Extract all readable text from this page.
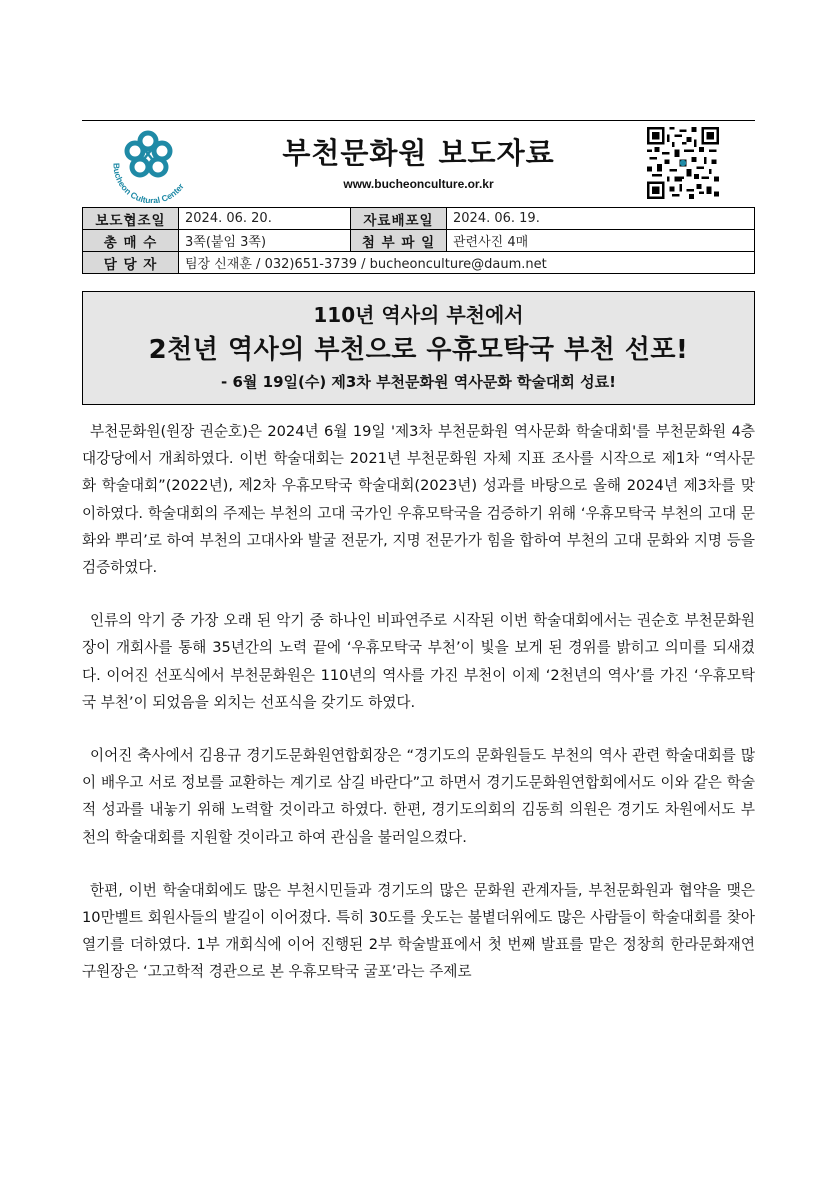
Bucheon Cultural Center
부천문화원 보도자료
www.bucheonculture.or.kr
보도협조일	2024. 06. 20.	자료배포일	2024. 06. 19.
총 매 수	3쪽(붙임 3쪽)	첨 부 파 일	관련사진 4매
담 당 자	팀장 신재훈 / 032)651-3739 / bucheonculture@daum.net		
110년 역사의 부천에서
2천년 역사의 부천으로 우휴모탁국 부천 선포!
- 6월 19일(수) 제3차 부천문화원 역사문화 학술대회 성료!

부천문화원(원장 권순호)은 2024년 6월 19일 '제3차 부천문화원 역사문화 학술대회'를 부천문화원 4층 대강당에서 개최하였다. 이번 학술대회는 2021년 부천문화원 자체 지표 조사를 시작으로 제1차 “역사문화 학술대회”(2022년), 제2차 우휴모탁국 학술대회(2023년) 성과를 바탕으로 올해 2024년 제3차를 맞이하였다. 학술대회의 주제는 부천의 고대 국가인 우휴모탁국을 검증하기 위해 ‘우휴모탁국 부천의 고대 문화와 뿌리’로 하여 부천의 고대사와 발굴 전문가, 지명 전문가가 힘을 합하여 부천의 고대 문화와 지명 등을 검증하였다.

인류의 악기 중 가장 오래 된 악기 중 하나인 비파연주로 시작된 이번 학술대회에서는 권순호 부천문화원장이 개회사를 통해 35년간의 노력 끝에 ‘우휴모탁국 부천’이 빛을 보게 된 경위를 밝히고 의미를 되새겼다. 이어진 선포식에서 부천문화원은 110년의 역사를 가진 부천이 이제 ‘2천년의 역사’를 가진 ‘우휴모탁국 부천’이 되었음을 외치는 선포식을 갖기도 하였다.

이어진 축사에서 김용규 경기도문화원연합회장은 “경기도의 문화원들도 부천의 역사 관련 학술대회를 많이 배우고 서로 정보를 교환하는 계기로 삼길 바란다”고 하면서 경기도문화원연합회에서도 이와 같은 학술적 성과를 내놓기 위해 노력할 것이라고 하였다. 한편, 경기도의회의 김동희 의원은 경기도 차원에서도 부천의 학술대회를 지원할 것이라고 하여 관심을 불러일으켰다.

한편, 이번 학술대회에도 많은 부천시민들과 경기도의 많은 문화원 관계자들, 부천문화원과 협약을 맺은 10만벨트 회원사들의 발길이 이어졌다. 특히 30도를 웃도는 불볕더위에도 많은 사람들이 학술대회를 찾아 열기를 더하였다. 1부 개회식에 이어 진행된 2부 학술발표에서 첫 번째 발표를 맡은 정창희 한라문화재연구원장은 ‘고고학적 경관으로 본 우휴모탁국 굴포’라는 주제로
